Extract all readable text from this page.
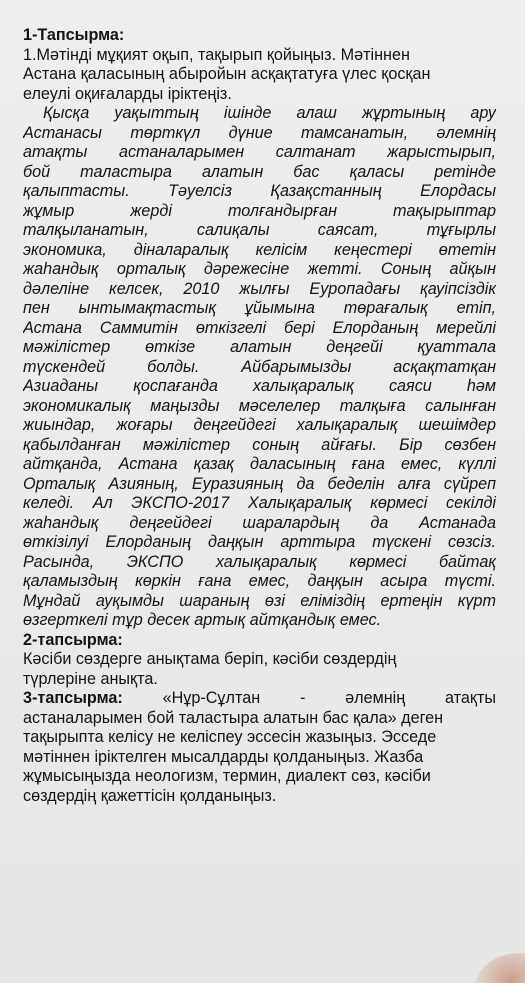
1-Тапсырма:
1.Мәтінді мұқият оқып, тақырып қойыңыз. Мәтіннен
Астана қаласының абыройын асқақтатуға үлес қосқан
елеулі оқиғаларды іріктеңіз.
Қысқа уақыттың ішінде алаш жұртының ару
Астанасы төрткүл дүние тамсанатын, әлемнің
атақты астаналарымен салтанат жарыстырып,
бой таластыра алатын бас қаласы ретінде
қалыптасты. Тәуелсіз Қазақстанның Елордасы
жұмыр жерді толғандырған тақырыптар
талқыланатын, салиқалы саясат, тұғырлы
экономика, діналаралық келісім кеңестері өтетін
жаһандық орталық дәрежесіне жетті. Соның айқын
дәлеліне келсек, 2010 жылғы Еуропадағы қауіпсіздік
пен ынтымақтастық ұйымына төрағалық етіп,
Астана Саммитін өткізгелі бері Елорданың мерейлі
мәжілістер өткізе алатын деңгейі қуаттала
түскендей болды. Айбарымызды асқақтатқан
Азиаданы қоспағанда халықаралық саяси һәм
экономикалық маңызды мәселелер талқыға салынған
жиындар, жоғары деңгейдегі халықаралық шешімдер
қабылданған мәжілістер соның айғағы. Бір сөзбен
айтқанда, Астана қазақ даласының ғана емес, күллі
Орталық Азияның, Еуразияның да беделін алға сүйреп
келеді. Ал ЭКСПО-2017 Халықаралық көрмесі секілді
жаһандық деңгейдегі шаралардың да Астанада
өткізілуі Елорданың даңқын арттыра түскені сөзсіз.
Расында, ЭКСПО халықаралық көрмесі байтақ
қаламыздың көркін ғана емес, даңқын асыра түсті.
Мұндай ауқымды шараның өзі еліміздің ертеңін күрт
өзгерткелі тұр десек артық айтқандық емес.
2-тапсырма:
Кәсіби сөздерге анықтама беріп, кәсіби сөздердің
түрлеріне анықта.
3-тапсырма: «Нұр-Сұлтан - әлемнің атақты
астаналарымен бой таластыра алатын бас қала» деген
тақырыпта келісу не келіспеу эссесін жазыңыз. Эсседе
мәтіннен іріктелген мысалдарды қолданыңыз. Жазба
жұмысыңызда неологизм, термин, диалект сөз, кәсіби
сөздердің қажеттісін қолданыңыз.
